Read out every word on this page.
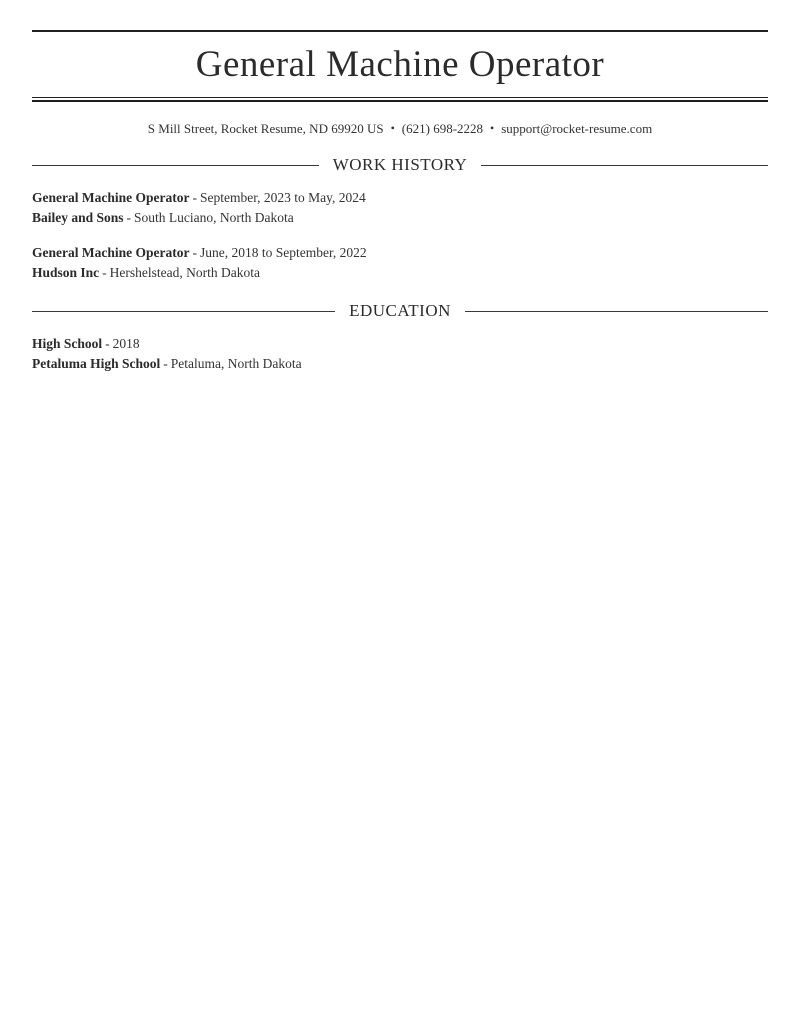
General Machine Operator
S Mill Street, Rocket Resume, ND 69920 US • (621) 698-2228 • support@rocket-resume.com
WORK HISTORY
General Machine Operator - September, 2023 to May, 2024
Bailey and Sons - South Luciano, North Dakota
General Machine Operator - June, 2018 to September, 2022
Hudson Inc - Hershelstead, North Dakota
EDUCATION
High School - 2018
Petaluma High School - Petaluma, North Dakota
